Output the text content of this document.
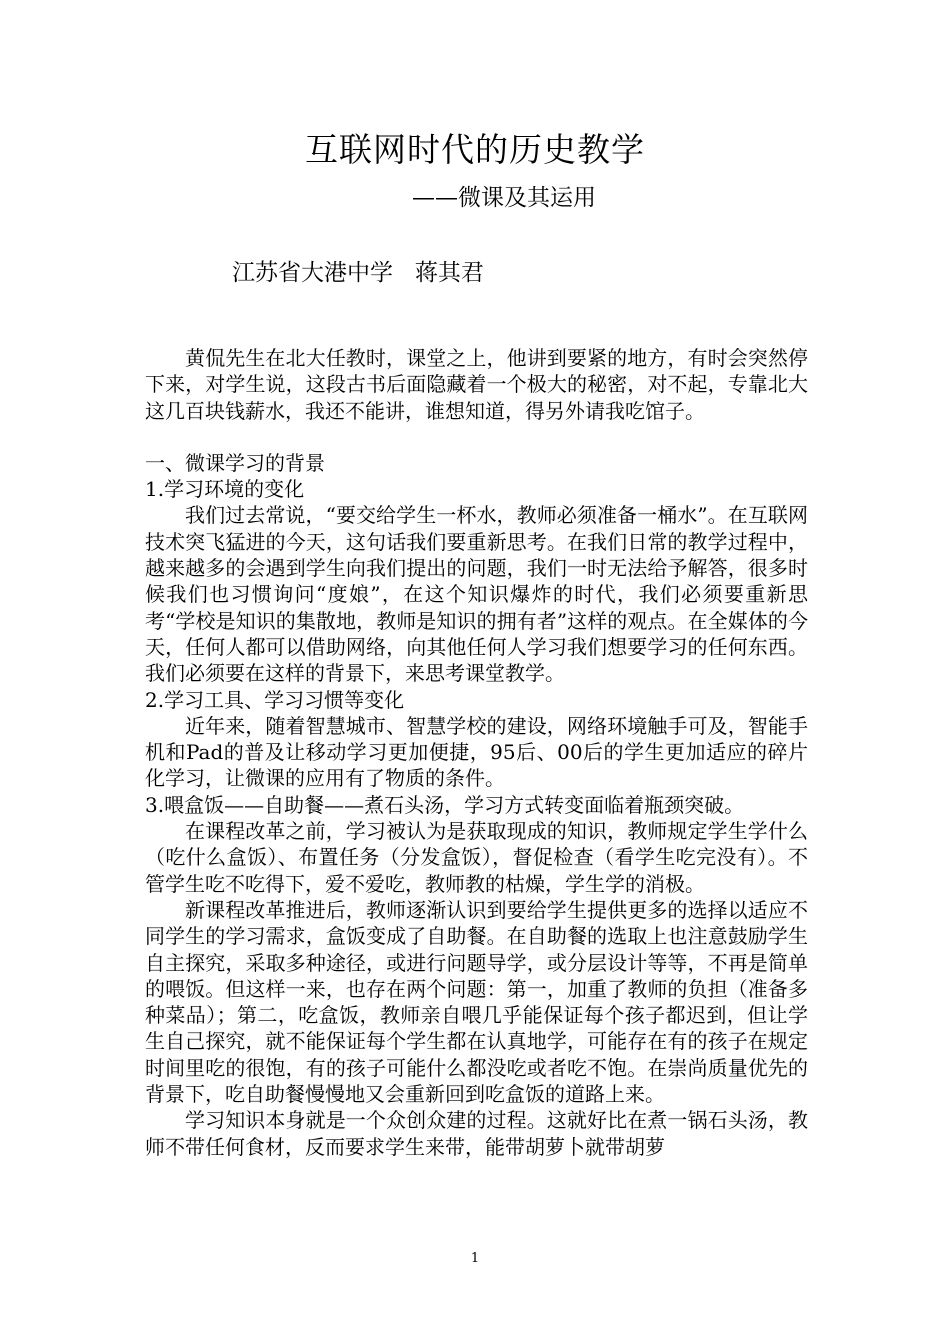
互联网时代的历史教学
——微课及其运用
江苏省大港中学   蒋其君

黄侃先生在北大任教时，课堂之上，他讲到要紧的地方，有时会突然停下来，对学生说，这段古书后面隐藏着一个极大的秘密，对不起，专靠北大这几百块钱薪水，我还不能讲，谁想知道，得另外请我吃馆子。

一、微课学习的背景

1.学习环境的变化

我们过去常说，“要交给学生一杯水，教师必须准备一桶水”。在互联网技术突飞猛进的今天，这句话我们要重新思考。在我们日常的教学过程中，越来越多的会遇到学生向我们提出的问题，我们一时无法给予解答，很多时候我们也习惯询问“度娘”，在这个知识爆炸的时代，我们必须要重新思考“学校是知识的集散地，教师是知识的拥有者”这样的观点。在全媒体的今天，任何人都可以借助网络，向其他任何人学习我们想要学习的任何东西。我们必须要在这样的背景下，来思考课堂教学。

2.学习工具、学习习惯等变化

近年来，随着智慧城市、智慧学校的建设，网络环境触手可及，智能手机和Pad的普及让移动学习更加便捷，95后、00后的学生更加适应的碎片化学习，让微课的应用有了物质的条件。

3.喂盒饭——自助餐——煮石头汤，学习方式转变面临着瓶颈突破。

在课程改革之前，学习被认为是获取现成的知识，教师规定学生学什么（吃什么盒饭）、布置任务（分发盒饭），督促检查（看学生吃完没有）。不管学生吃不吃得下，爱不爱吃，教师教的枯燥，学生学的消极。

新课程改革推进后，教师逐渐认识到要给学生提供更多的选择以适应不同学生的学习需求，盒饭变成了自助餐。在自助餐的选取上也注意鼓励学生自主探究，采取多种途径，或进行问题导学，或分层设计等等，不再是简单的喂饭。但这样一来，也存在两个问题：第一，加重了教师的负担（准备多种菜品）；第二，吃盒饭，教师亲自喂几乎能保证每个孩子都迟到，但让学生自己探究，就不能保证每个学生都在认真地学，可能存在有的孩子在规定时间里吃的很饱，有的孩子可能什么都没吃或者吃不饱。在崇尚质量优先的背景下，吃自助餐慢慢地又会重新回到吃盒饭的道路上来。

学习知识本身就是一个众创众建的过程。这就好比在煮一锅石头汤，教师不带任何食材，反而要求学生来带，能带胡萝卜就带胡萝

1
